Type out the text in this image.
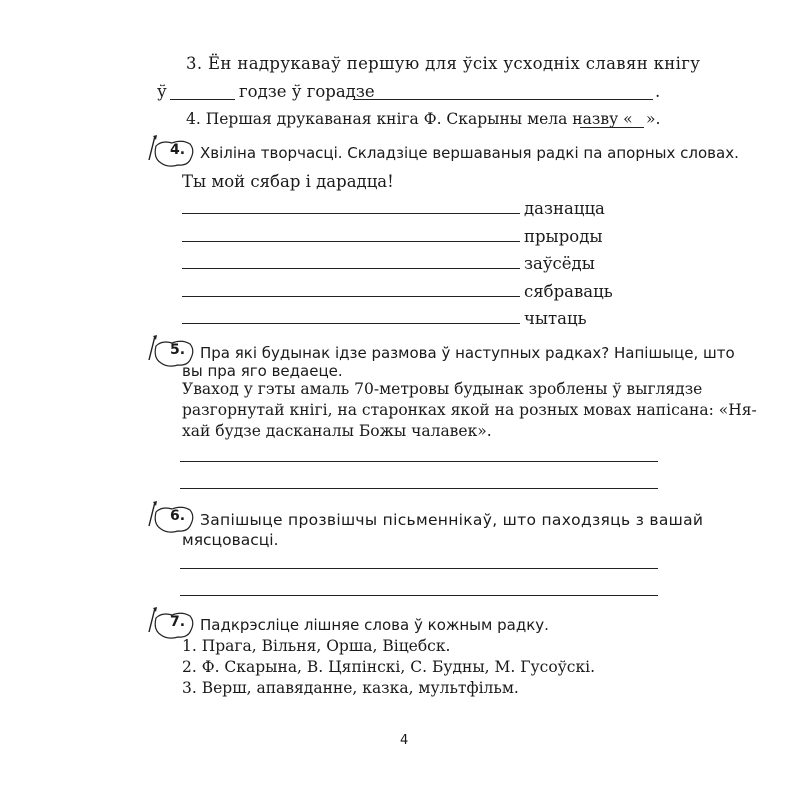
3. Ён надрукаваў першую для ўсіх усходніх славян кнігу
ў	годзе ў горадзе	.
4. Першая друкаваная кніга Ф. Скарыны мела назву « ».
4. Хвіліна творчасці. Складзіце вершаваныя радкі па апорных словах.
Ты мой сябар і дарадца!
дазнацца
прыроды
заўсёды
сябраваць
чытаць
5. Пра які будынак ідзе размова ў наступных радках? Напішыце, што
вы пра яго ведаеце.
Уваход у гэты амаль 70-метровы будынак зроблены ў выглядзе
разгорнутай кнігі, на старонках якой на розных мовах напісана: «Ня-
хай будзе дасканалы Божы чалавек».
6. Запішыце прозвішчы пісьменнікаў, што паходзяць з вашай
мясцовасці.
7. Падкрэсліце лішняе слова ў кожным радку.
1. Прага, Вільня, Орша, Віцебск.
2. Ф. Скарына, В. Цяпінскі, С. Будны, М. Гусоўскі.
3. Верш, апавяданне, казка, мультфільм.
4
